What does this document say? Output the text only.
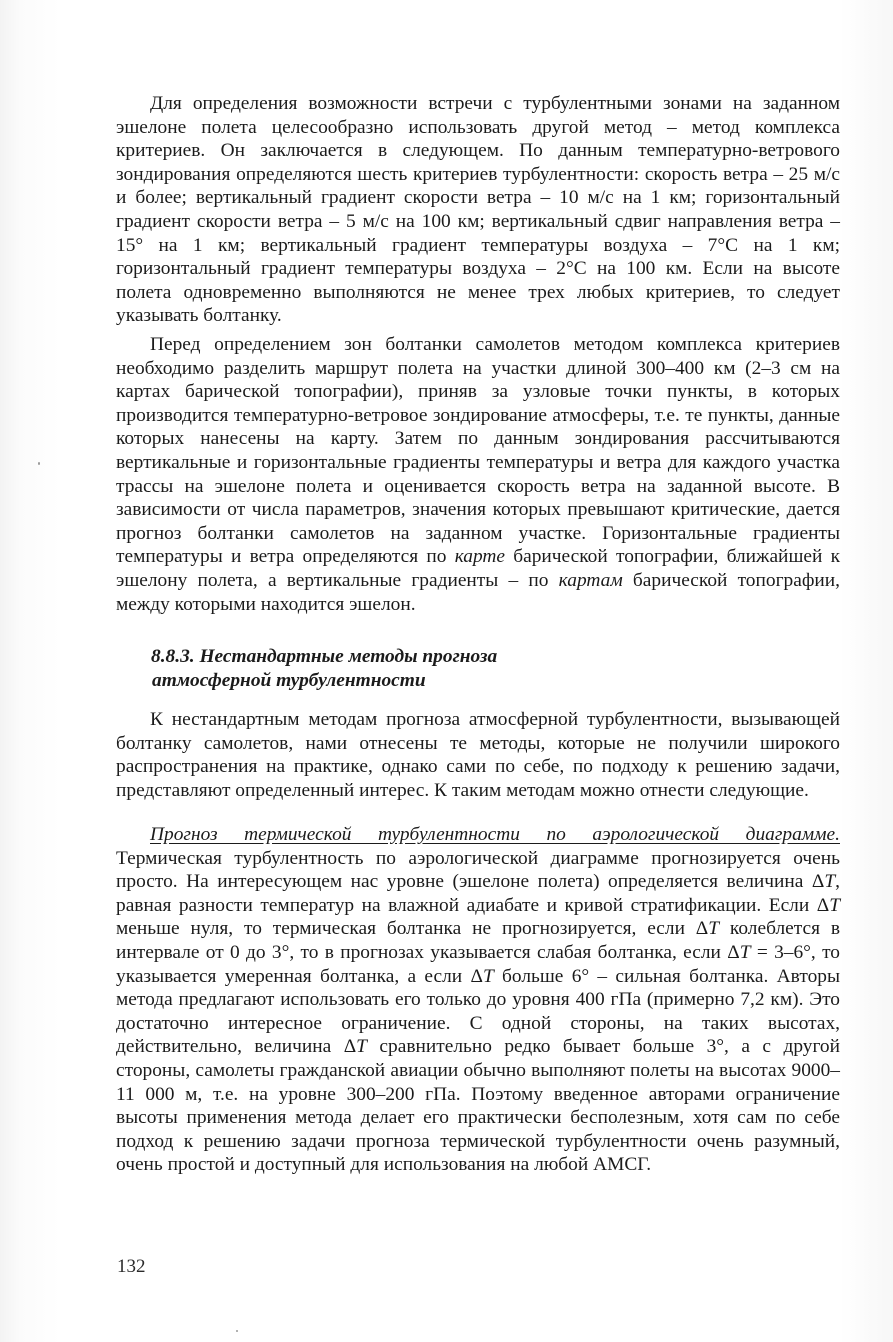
Для определения возможности встречи с турбулентными зонами на заданном эшелоне полета целесообразно использовать другой метод – метод комплекса критериев. Он заключается в следующем. По данным температурно-ветрового зондирования определяются шесть критериев турбулентности: скорость ветра – 25 м/с и более; вертикальный градиент скорости ветра – 10 м/с на 1 км; горизонтальный градиент скорости ветра – 5 м/с на 100 км; вертикальный сдвиг направления ветра – 15° на 1 км; вертикальный градиент температуры воздуха – 7°С на 1 км; горизонтальный градиент температуры воздуха – 2°С на 100 км. Если на высоте полета одновременно выполняются не менее трех любых критериев, то следует указывать болтанку.

Перед определением зон болтанки самолетов методом комплекса критериев необходимо разделить маршрут полета на участки длиной 300–400 км (2–3 см на картах барической топографии), приняв за узловые точки пункты, в которых производится температурно-ветровое зондирование атмосферы, т.е. те пункты, данные которых нанесены на карту. Затем по данным зондирования рассчитываются вертикальные и горизонтальные градиенты температуры и ветра для каждого участка трассы на эшелоне полета и оценивается скорость ветра на заданной высоте. В зависимости от числа параметров, значения которых превышают критические, дается прогноз болтанки самолетов на заданном участке. Горизонтальные градиенты температуры и ветра определяются по карте барической топографии, ближайшей к эшелону полета, а вертикальные градиенты – по картам барической топографии, между которыми находится эшелон.

8.8.3. Нестандартные методы прогноза
атмосферной турбулентности

К нестандартным методам прогноза атмосферной турбулентности, вызывающей болтанку самолетов, нами отнесены те методы, которые не получили широкого распространения на практике, однако сами по себе, по подходу к решению задачи, представляют определенный интерес. К таким методам можно отнести следующие.

Прогноз термической турбулентности по аэрологической диаграмме. Термическая турбулентность по аэрологической диаграмме прогнозируется очень просто. На интересующем нас уровне (эшелоне полета) определяется величина ΔT, равная разности температур на влажной адиабате и кривой стратификации. Если ΔT меньше нуля, то термическая болтанка не прогнозируется, если ΔT колеблется в интервале от 0 до 3°, то в прогнозах указывается слабая болтанка, если ΔT = 3–6°, то указывается умеренная болтанка, а если ΔT больше 6° – сильная болтанка. Авторы метода предлагают использовать его только до уровня 400 гПа (примерно 7,2 км). Это достаточно интересное ограничение. С одной стороны, на таких высотах, действительно, величина ΔT сравнительно редко бывает больше 3°, а с другой стороны, самолеты гражданской авиации обычно выполняют полеты на высотах 9000–11 000 м, т.е. на уровне 300–200 гПа. Поэтому введенное авторами ограничение высоты применения метода делает его практически бесполезным, хотя сам по себе подход к решению задачи прогноза термической турбулентности очень разумный, очень простой и доступный для использования на любой АМСГ.

132
